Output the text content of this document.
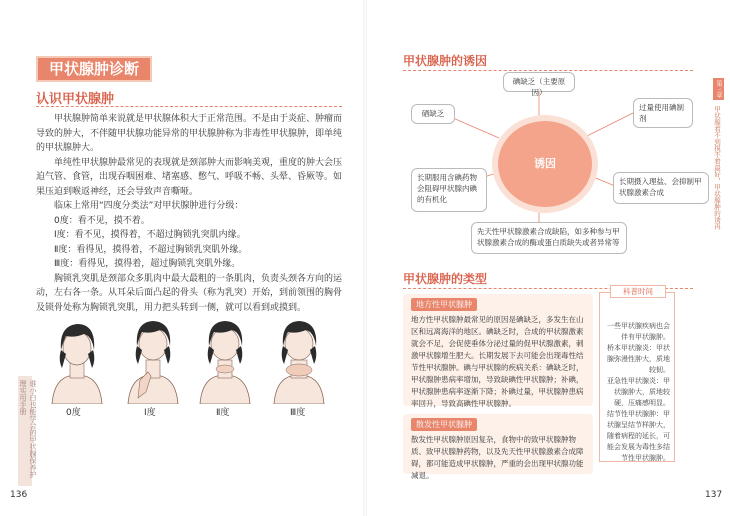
甲状腺肿诊断
认识甲状腺肿

甲状腺肿简单来说就是甲状腺体积大于正常范围。不是由于炎症、肿瘤而导致的肿大，不伴随甲状腺功能异常的甲状腺肿称为非毒性甲状腺肿，即单纯的甲状腺肿大。

单纯性甲状腺肿最常见的表现就是颈部肿大而影响美观，重度的肿大会压迫气管、食管，出现吞咽困难、堵塞感、憋气、呼吸不畅、头晕、昏厥等。如果压迫到喉返神经，还会导致声音嘶哑。

临床上常用“四度分类法”对甲状腺肿进行分级：

0度：看不见，摸不着。

Ⅰ度：看不见，摸得着，不超过胸锁乳突肌内缘。

Ⅱ度：看得见，摸得着，不超过胸锁乳突肌外缘。

Ⅲ度：看得见，摸得着，超过胸锁乳突肌外缘。

胸锁乳突肌是颈部众多肌肉中最大最粗的一条肌肉，负责头颈各方向的运动，左右各一条。从耳朵后面凸起的骨头（称为乳突）开始，到前领围的胸骨及锁骨处称为胸锁乳突肌，用力把头转到一侧，就可以看到或摸到。

0度	Ⅰ度	Ⅱ度	Ⅲ度
谁小白也能学会的甲状腺保养护理实用手册
136
甲状腺肿的诱因
碘缺乏（主要原因）
过量使用碘制剂
长期摄入理盐、会抑制甲状腺激素合成
先天性甲状腺激素合成缺陷，如多种参与甲状腺激素合成的酶或蛋白质缺失或者异常等
长期服用含碘药物会阻碍甲状腺内碘的有机化
硒缺乏
诱因
甲状腺肿的类型
地方性甲状腺肿
地方性甲状腺肿最常见的原因是碘缺乏，多发生在山区和远离海洋的地区。碘缺乏时，合成的甲状腺激素就会不足，会促使垂体分泌过量的促甲状腺激素，刺激甲状腺增生肥大。长期发展下去可能会出现毒性结节性甲状腺肿。碘与甲状腺的疾病关系：碘缺乏时，甲状腺肿患病率增加，导致缺碘性甲状腺肿；补碘，甲状腺肿患病率逐渐下降；补碘过量，甲状腺肿患病率回升，导致高碘性甲状腺肿。
散发性甲状腺肿
散发性甲状腺肿原因复杂，食物中的致甲状腺肿物质、致甲状腺肿药物，以及先天性甲状腺激素合成障碍，都可能造成甲状腺肿，严重的会出现甲状腺功能减退。
科普时间

一些甲状腺疾病也会伴有甲状腺肿。

桥本甲状腺炎：甲状腺弥漫性肿大，质地较韧。

亚急性甲状腺炎：甲状腺肿大，质地较硬，压痛感明显。

结节性甲状腺肿：甲状腺呈结节样肿大，随着病程的延长，可能会发展为毒性多结节性甲状腺肿。

第三章
甲状腺看不到摸不着最好，甲状腺肿的诱再
137
